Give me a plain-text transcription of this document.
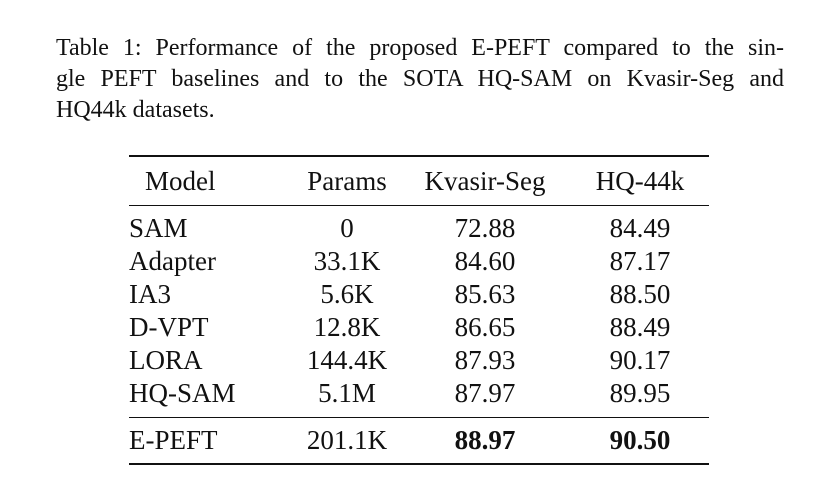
Table 1: Performance of the proposed E-PEFT compared to the sin-
gle PEFT baselines and to the SOTA HQ-SAM on Kvasir-Seg and
HQ44k datasets.
Model	Params	Kvasir-Seg	HQ-44k
SAM	0	72.88	84.49
Adapter	33.1K	84.60	87.17
IA3	5.6K	85.63	88.50
D-VPT	12.8K	86.65	88.49
LORA	144.4K	87.93	90.17
HQ-SAM	5.1M	87.97	89.95
E-PEFT	201.1K	88.97	90.50
